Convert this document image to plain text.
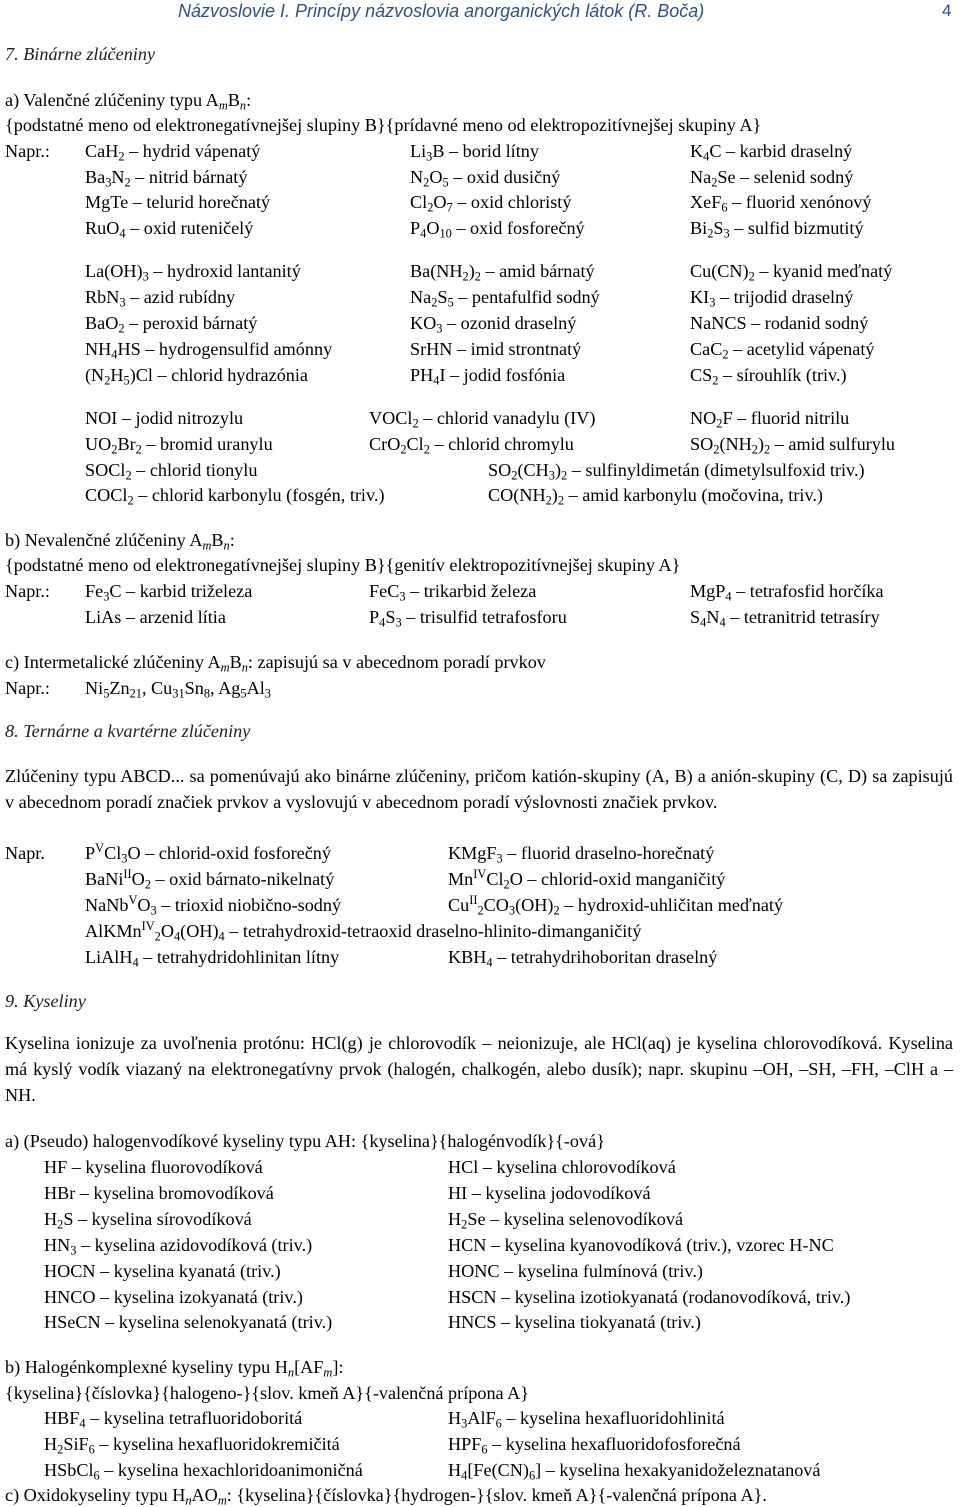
Názvoslovie I. Princípy názvoslovia anorganických látok (R. Boča)	4
7. Binárne zlúčeniny
a) Valenčné zlúčeniny typu $A_mB_n$:
{podstatné meno od elektronegatívnejšej slupiny B}{prídavné meno od elektropozitívnejšej skupiny A}
Napr.: CaH$_2$ – hydrid vápenatý	$Li_3B$ – borid lítny	$K_4C$ – karbid draselný
$Ba_3N_2$ – nitrid bárnatý	$N_2O_5$ – oxid dusičný	$Na_2Se$ – selenid sodný
MgTe – telurid horečnatý	$Cl_2O_7$ – oxid chloristý	XeF$_6$ – fluorid xenónový
RuO$_4$ – oxid ruteničelý	$P_4O_{10}$ – oxid fosforečný	$Bi_2S_3$ – sulfid bizmutitý
$La(OH)_3$ – hydroxid lantanitý	$Ba(NH_2)_2$ – amid bárnatý	$Cu(CN)_2$ – kyanid meďnatý
RbN$_3$ – azid rubídny	$Na_2S_5$ – pentafulfid sodný	$KI_3$ – trijodid draselný
BaO$_2$ – peroxid bárnatý	$KO_3$ – ozonid draselný	NaNCS – rodanid sodný
$NH_4HS$ – hydrogensulfid amónny	SrHN – imid strontnatý	CaC$_2$ – acetylid vápenatý
$(N_2H_5)Cl$ – chlorid hydrazónia	$PH_4I$ – jodid fosfónia	$CS_2$ – sírouhlík (triv.)
NOI – jodid nitrozylu	VOCl$_2$ – chlorid vanadylu (IV)	$NO_2F$ – fluorid nitrilu
$UO_2Br_2$ – bromid uranylu	$CrO_2Cl_2$ – chlorid chromylu	$SO_2(NH_2)_2$ – amid sulfurylu
SOCl$_2$ – chlorid tionylu	$SO_2(CH_3)_2$ – sulfinyldimetán (dimetylsulfoxid triv.)
COCl$_2$ – chlorid karbonylu (fosgén, triv.)	$CO(NH_2)_2$ – amid karbonylu (močovina, triv.)
b) Nevalenčné zlúčeniny $A_mB_n$:
{podstatné meno od elektronegatívnejšej slupiny B}{genitív elektropozitívnejšej skupiny A}
Napr.: $Fe_3C$ – karbid triželeza	FeC$_3$ – trikarbid železa	MgP$_4$ – tetrafosfid horčíka
LiAs – arzenid lítia	$P_4S_3$ – trisulfid tetrafosforu	$S_4N_4$ – tetranitrid tetrasíry
c) Intermetalické zlúčeniny $A_mB_n$: zapisujú sa v abecednom poradí prvkov
Napr.: $Ni_5Zn_{21}$, $Cu_{31}Sn_8$, $Ag_5Al_3$
8. Ternárne a kvartérne zlúčeniny
Zlúčeniny typu ABCD... sa pomenúvajú ako binárne zlúčeniny, pričom katión-skupiny (A, B) a anión-skupiny (C, D) sa zapisujú v abecednom poradí značiek prvkov a vyslovujú v abecednom poradí výslovnosti značiek prvkov.
Napr. $P^VCl_3O$ – chlorid-oxid fosforečný	KMgF$_3$ – fluorid draselno-horečnatý
$BaNi^{II}O_2$ – oxid bárnato-nikelnatý	$Mn^{IV}Cl_2O$ – chlorid-oxid manganičitý
$NaNb^VO_3$ – trioxid niobično-sodný	$Cu^{II}_2CO_3(OH)_2$ – hydroxid-uhličitan meďnatý
$AlKMn^{IV}_2O_4(OH)_4$ – tetrahydroxid-tetraoxid draselno-hlinito-dimanganičitý
LiAlH$_4$ – tetrahydridohlinitan lítny	$KBH_4$ – tetrahydrihoboritan draselný
9. Kyseliny
Kyselina ionizuje za uvoľnenia protónu: HCl(g) je chlorovodík – neionizuje, ale HCl(aq) je kyselina chlorovodíková. Kyselina má kyslý vodík viazaný na elektronegatívny prvok (halogén, chalkogén, alebo dusík); napr. skupinu –OH, –SH, –FH, –ClH a –NH.
a) (Pseudo) halogenvodíkové kyseliny typu AH: {kyselina}{halogénvodík}{-ová}
HF – kyselina fluorovodíková	HCl – kyselina chlorovodíková
HBr – kyselina bromovodíková	HI – kyselina jodovodíková
$H_2S$ – kyselina sírovodíková	$H_2Se$ – kyselina selenovodíková
$HN_3$ – kyselina azidovodíková (triv.)	HCN – kyselina kyanovodíková (triv.), vzorec H-NC
HOCN – kyselina kyanatá (triv.)	HONC – kyselina fulmínová (triv.)
HNCO – kyselina izokyanatá (triv.)	HSCN – kyselina izotiokyanatá (rodanovodíková, triv.)
HSeCN – kyselina selenokyanatá (triv.)	HNCS – kyselina tiokyanatá (triv.)
b) Halogénkomplexné kyseliny typu $H_n[AF_m]$:
{kyselina}{číslovka}{halogeno-}{slov. kmeň A}{-valenčná prípona A}
$HBF_4$ – kyselina tetrafluoridoboritá	$H_3AlF_6$ – kyselina hexafluoridohlinitá
$H_2SiF_6$ – kyselina hexafluoridokremičitá	$HPF_6$ – kyselina hexafluoridofosforečná
HSbCl$_6$ – kyselina hexachloridoanimoničná	$H_4[Fe(CN)_6]$ – kyselina hexakyanidoželeznatanová
c) Oxidokyseliny typu $H_nAO_m$: {kyselina}{číslovka}{hydrogen-}{slov. kmeň A}{-valenčná prípona A}.
